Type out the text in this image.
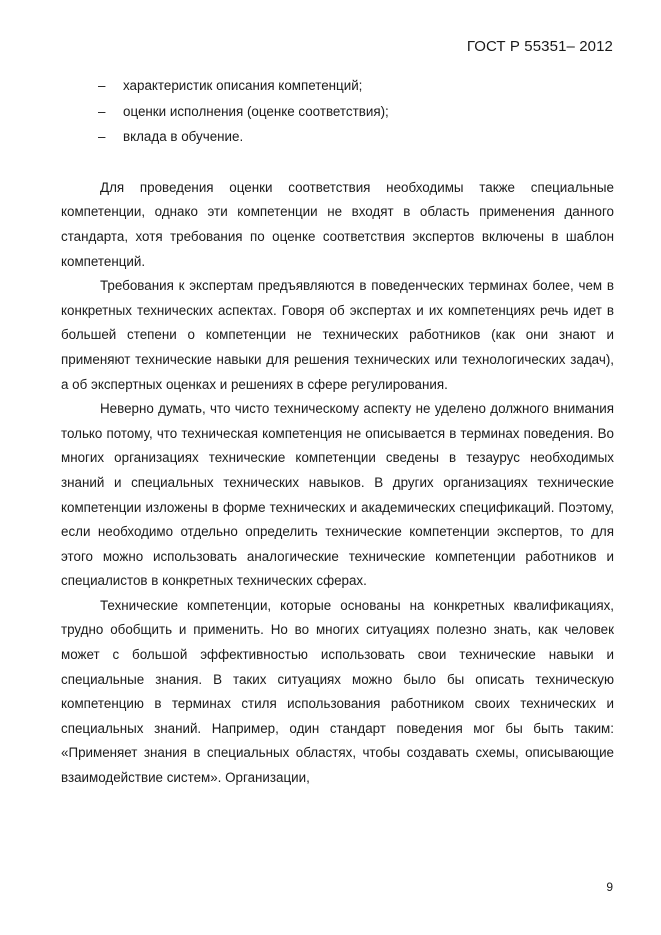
ГОСТ Р 55351– 2012
– характеристик описания компетенций;
– оценки исполнения (оценке соответствия);
– вклада в обучение.

Для проведения оценки соответствия необходимы также специальные компетенции, однако эти компетенции не входят в область применения данного стандарта, хотя требования по оценке соответствия экспертов включены в шаблон компетенций.

Требования к экспертам предъявляются в поведенческих терминах более, чем в конкретных технических аспектах. Говоря об экспертах и их компетенциях речь идет в большей степени о компетенции не технических работников (как они знают и применяют технические навыки для решения технических или технологических задач), а об экспертных оценках и решениях в сфере регулирования.

Неверно думать, что чисто техническому аспекту не уделено должного внимания только потому, что техническая компетенция не описывается в терминах поведения. Во многих организациях технические компетенции сведены в тезаурус необходимых знаний и специальных технических навыков. В других организациях технические компетенции изложены в форме технических и академических спецификаций. Поэтому, если необходимо отдельно определить технические компетенции экспертов, то для этого можно использовать аналогические технические компетенции работников и специалистов в конкретных технических сферах.

Технические компетенции, которые основаны на конкретных квалификациях, трудно обобщить и применить. Но во многих ситуациях полезно знать, как человек может с большой эффективностью использовать свои технические навыки и специальные знания. В таких ситуациях можно было бы описать техническую компетенцию в терминах стиля использования работником своих технических и специальных знаний. Например, один стандарт поведения мог бы быть таким: «Применяет знания в специальных областях, чтобы создавать схемы, описывающие взаимодействие систем». Организации,

9
